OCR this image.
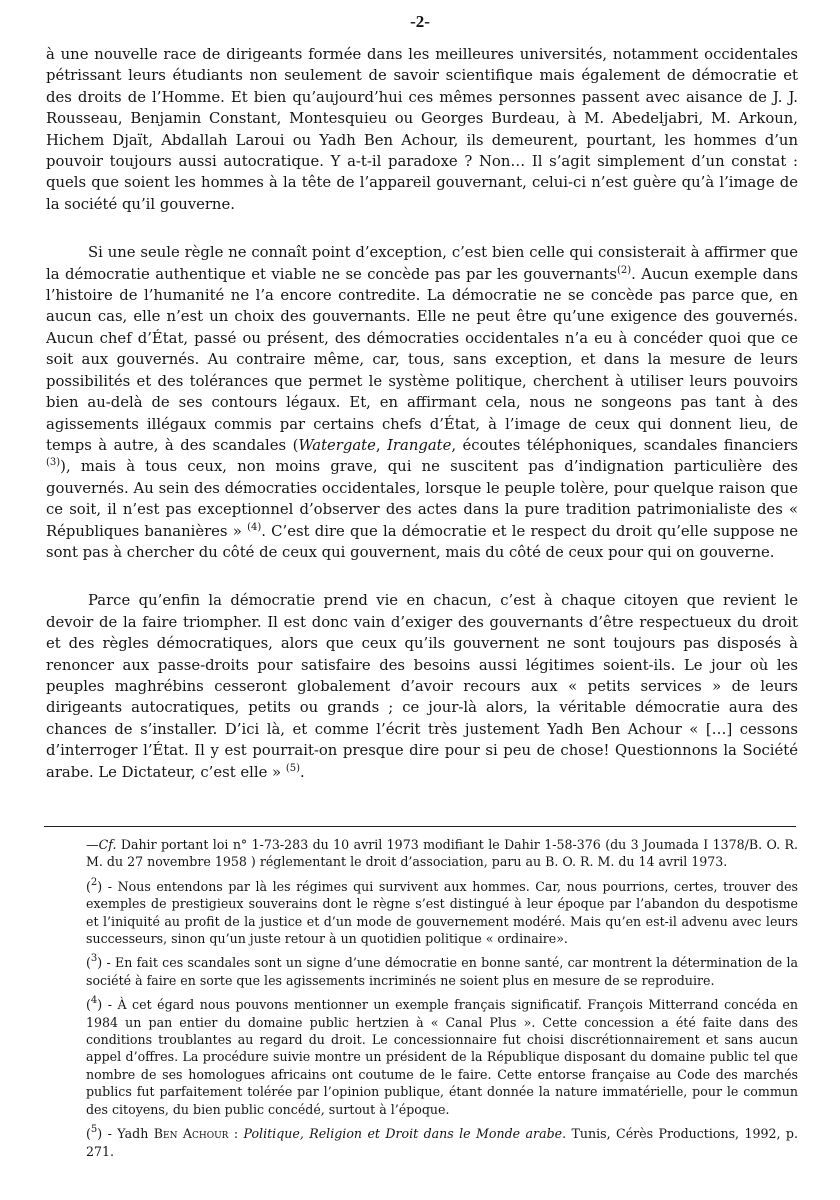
-2-

à une nouvelle race de dirigeants formée dans les meilleures universités, notamment occidentales pétrissant leurs étudiants non seulement de savoir scientifique mais également de démocratie et des droits de l’Homme. Et bien qu’aujourd’hui ces mêmes personnes passent avec aisance de J. J. Rousseau, Benjamin Constant, Montesquieu ou Georges Burdeau, à M. Abedeljabri, M. Arkoun, Hichem Djaït, Abdallah Laroui ou Yadh Ben Achour, ils demeurent, pourtant, les hommes d’un pouvoir toujours aussi autocratique. Y a-t-il paradoxe ? Non… Il s’agit simplement d’un constat : quels que soient les hommes à la tête de l’appareil gouvernant, celui-ci n’est guère qu’à l’image de la société qu’il gouverne.

Si une seule règle ne connaît point d’exception, c’est bien celle qui consisterait à affirmer que la démocratie authentique et viable ne se concède pas par les gouvernants$^{(2)}$. Aucun exemple dans l’histoire de l’humanité ne l’a encore contredite. La démocratie ne se concède pas parce que, en aucun cas, elle n’est un choix des gouvernants. Elle ne peut être qu’une exigence des gouvernés. Aucun chef d’État, passé ou présent, des démocraties occidentales n’a eu à concéder quoi que ce soit aux gouvernés. Au contraire même, car, tous, sans exception, et dans la mesure de leurs possibilités et des tolérances que permet le système politique, cherchent à utiliser leurs pouvoirs bien au-delà de ses contours légaux. Et, en affirmant cela, nous ne songeons pas tant à des agissements illégaux commis par certains chefs d’État, à l’image de ceux qui donnent lieu, de temps à autre, à des scandales (Watergate, Irangate, écoutes téléphoniques, scandales financiers $^{(3)}$), mais à tous ceux, non moins grave, qui ne suscitent pas d’indignation particulière des gouvernés. Au sein des démocraties occidentales, lorsque le peuple tolère, pour quelque raison que ce soit, il n’est pas exceptionnel d’observer des actes dans la pure tradition patrimonialiste des « Républiques bananières » $^{(4)}$. C’est dire que la démocratie et le respect du droit qu’elle suppose ne sont pas à chercher du côté de ceux qui gouvernent, mais du côté de ceux pour qui on gouverne.

Parce qu’enfin la démocratie prend vie en chacun, c’est à chaque citoyen que revient le devoir de la faire triompher. Il est donc vain d’exiger des gouvernants d’être respectueux du droit et des règles démocratiques, alors que ceux qu’ils gouvernent ne sont toujours pas disposés à renoncer aux passe-droits pour satisfaire des besoins aussi légitimes soient-ils. Le jour où les peuples maghrébins cesseront globalement d’avoir recours aux « petits services » de leurs dirigeants autocratiques, petits ou grands ; ce jour-là alors, la véritable démocratie aura des chances de s’installer. D’ici là, et comme l’écrit très justement Yadh Ben Achour « […] cessons d’interroger l’État. Il y est pourrait-on presque dire pour si peu de chose! Questionnons la Société arabe. Le Dictateur, c’est elle » $^{(5)}$.

—Cf. Dahir portant loi n° 1-73-283 du 10 avril 1973 modifiant le Dahir 1-58-376 (du 3 Joumada I 1378/B. O. R. M. du 27 novembre 1958 ) réglementant le droit d’association, paru au B. O. R. M. du 14 avril 1973.

($^2$) - Nous entendons par là les régimes qui survivent aux hommes. Car, nous pourrions, certes, trouver des exemples de prestigieux souverains dont le règne s’est distingué à leur époque par l’abandon du despotisme et l’iniquité au profit de la justice et d’un mode de gouvernement modéré. Mais qu’en est-il advenu avec leurs successeurs, sinon qu’un juste retour à un quotidien politique « ordinaire».

($^3$) - En fait ces scandales sont un signe d’une démocratie en bonne santé, car montrent la détermination de la société à faire en sorte que les agissements incriminés ne soient plus en mesure de se reproduire.

($^4$) - À cet égard nous pouvons mentionner un exemple français significatif. François Mitterrand concéda en 1984 un pan entier du domaine public hertzien à « Canal Plus ». Cette concession a été faite dans des conditions troublantes au regard du droit. Le concessionnaire fut choisi discrétionnairement et sans aucun appel d’offres. La procédure suivie montre un président de la République disposant du domaine public tel que nombre de ses homologues africains ont coutume de le faire. Cette entorse française au Code des marchés publics fut parfaitement tolérée par l’opinion publique, étant donnée la nature immatérielle, pour le commun des citoyens, du bien public concédé, surtout à l’époque.

($^5$) - Yadh Ben Achour : Politique, Religion et Droit dans le Monde arabe. Tunis, Cérès Productions, 1992, p. 271.
